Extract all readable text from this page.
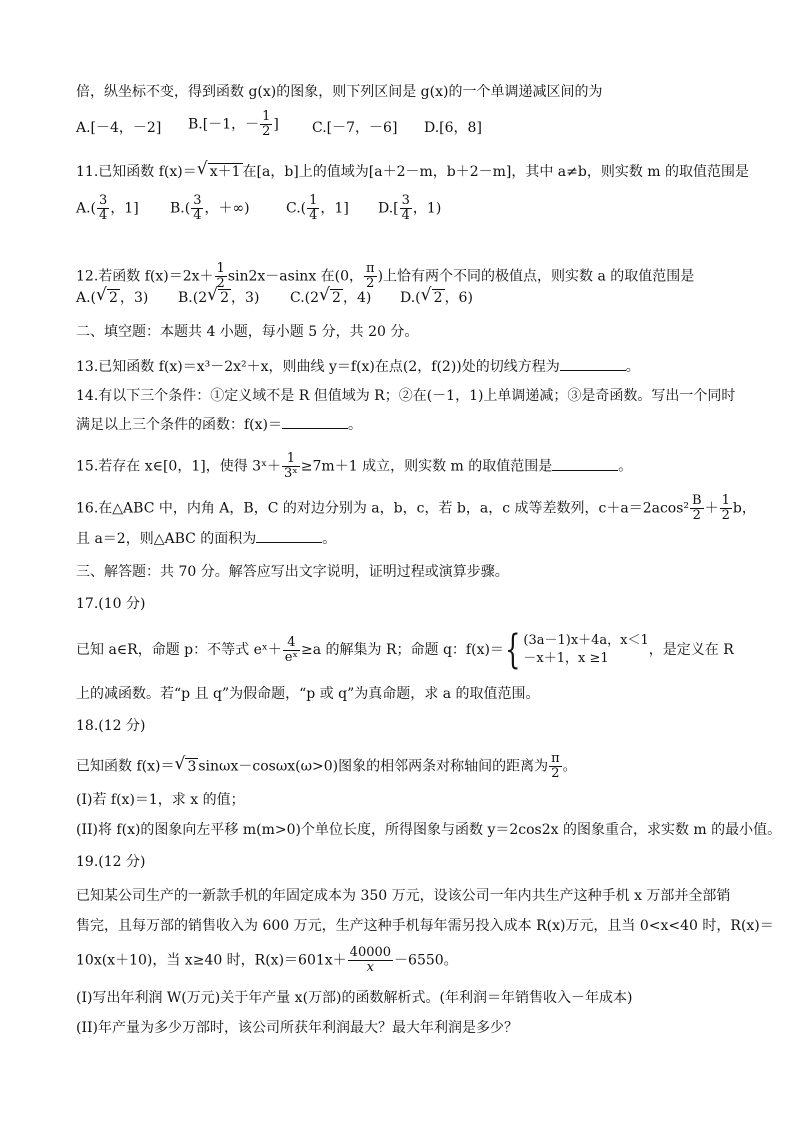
倍，纵坐标不变，得到函数 g(x)的图象，则下列区间是 g(x)的一个单调递减区间的为
A.[－4，－2] B.[－1，－ $\frac{1}{2}$ ] C.[－7，－6] D.[6，8]
11.已知函数 f(x)＝ √ x＋1 在[a，b]上的值域为[a＋2－m，b＋2－m]，其中 a≠b，则实数 m 的取值范围是
$A.( \frac{3}{4}$ ，1] $B.( \frac{3}{4}$ ，＋∞)	$C.( \frac{1}{4}$ ，1] $D.[ \frac{3}{4}$ ，1)
12.若函数 $f(x)=2x+ \frac{1}{2} \sin 2x-asinx$ 在(0， $\frac{\pi}{2}$ )上恰有两个不同的极值点，则实数 a 的取值范围是
A.( √ 2 ，3) B.(2 √ 2 ，3) C.(2 √ 2 ，4) D.( √ 2 ，6)
二、填空题：本题共 4 小题，每小题 5 分，共 20 分。
13.已知函数 f(x)＝x³－2x²＋x，则曲线 y＝f(x)在点(2，f(2))处的切线方程为	。
14.有以下三个条件：①定义域不是 R 但值域为 R；②在(－1，1)上单调递减；③是奇函数。写出一个同时
满足以上三个条件的函数：f(x)＝	。
15.若存在 x∈[0，1]，使得 3ˣ＋ $\frac{1}{\text{3ˣ}} \ge 7m+1$ 成立，则实数 m 的取值范围是	。
16.在△ABC 中，内角 A，B，C 的对边分别为 a，b，c，若 b，a，c 成等差数列，$c+a=2acos^2 \frac{B}{2} + \frac{1}{2}$ b，
且 a＝2，则△ABC 的面积为	。
三、解答题：共 70 分。解答应写出文字说明，证明过程或演算步骤。
17.(10 分)
已知 a∈R，命题 p：不等式 eˣ＋ $\frac{4}{\text{eˣ}} \ge a$ 的解集为 R；命题 q：f(x)＝{ (3a－1)x＋4a，x＜1
－x＋1，x ≥1
，是定义在 R
上的减函数。若“p 且 q”为假命题，“p 或 q”为真命题，求 a 的取值范围。
18.(12 分)
已知函数 f(x)＝ √ 3 sinωx－cosωx(ω>0)图象的相邻两条对称轴间的距离为 $\frac{\pi}{2}$ 。
(I)若 f(x)＝1，求 x 的值；
(II)将 f(x)的图象向左平移 m(m>0)个单位长度，所得图象与函数 y＝2cos2x 的图象重合，求实数 m 的最小值。
19.(12 分)
已知某公司生产的一新款手机的年固定成本为 350 万元，设该公司一年内共生产这种手机 x 万部并全部销
售完，且每万部的销售收入为 600 万元，生产这种手机每年需另投入成本 R(x)万元，且当 0<x<40 时，R(x)＝
10x(x＋10)，当 x≥40 时，$R(x)=601x+ \frac{40000}{x} -6550$。
(I)写出年利润 W(万元)关于年产量 x(万部)的函数解析式。(年利润＝年销售收入－年成本)
(II)年产量为多少万部时，该公司所获年利润最大？最大年利润是多少？
